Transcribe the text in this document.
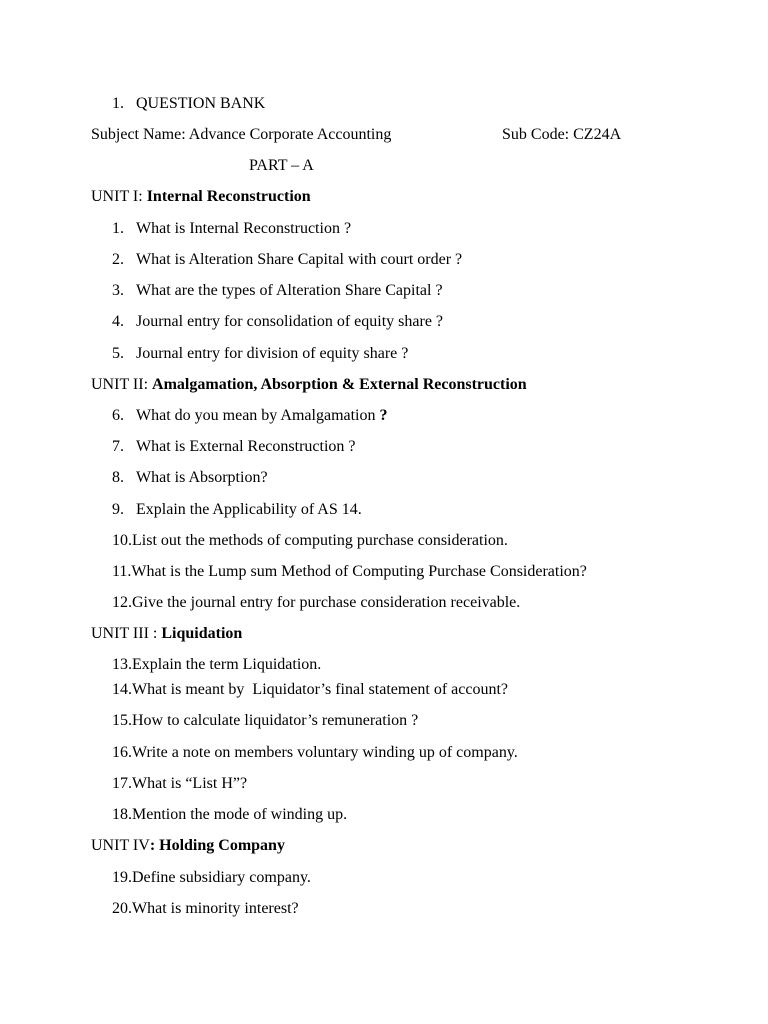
1. QUESTION BANK
Subject Name: Advance Corporate Accounting	Sub Code: CZ24A
PART – A
UNIT I: Internal Reconstruction
1. What is Internal Reconstruction ?
2. What is Alteration Share Capital with court order ?
3. What are the types of Alteration Share Capital ?
4. Journal entry for consolidation of equity share ?
5. Journal entry for division of equity share ?
UNIT II: Amalgamation, Absorption & External Reconstruction
6. What do you mean by Amalgamation ?
7. What is External Reconstruction ?
8. What is Absorption?
9. Explain the Applicability of AS 14.
10.List out the methods of computing purchase consideration.
11.What is the Lump sum Method of Computing Purchase Consideration?
12.Give the journal entry for purchase consideration receivable.
UNIT III : Liquidation
13.Explain the term Liquidation.
14.What is meant by  Liquidator’s final statement of account?
15.How to calculate liquidator’s remuneration ?
16.Write a note on members voluntary winding up of company.
17.What is “List H”?
18.Mention the mode of winding up.
UNIT IV: Holding Company
19.Define subsidiary company.
20.What is minority interest?
